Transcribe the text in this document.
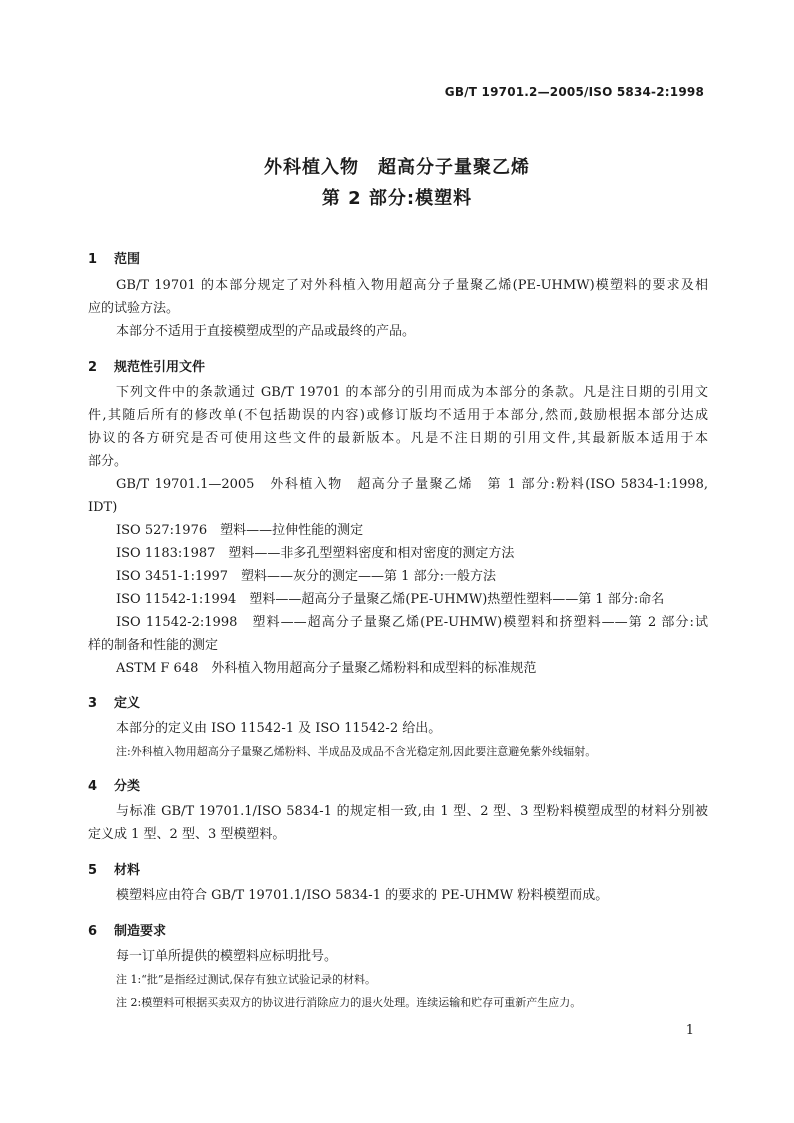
GB/T 19701.2—2005/ISO 5834-2:1998
外科植入物　超高分子量聚乙烯
第 2 部分:模塑料
1 范围
GB/T 19701 的本部分规定了对外科植入物用超高分子量聚乙烯(PE-UHMW)模塑料的要求及相
应的试验方法。
本部分不适用于直接模塑成型的产品或最终的产品。
2 规范性引用文件
下列文件中的条款通过 GB/T 19701 的本部分的引用而成为本部分的条款。凡是注日期的引用文
件,其随后所有的修改单(不包括勘误的内容)或修订版均不适用于本部分,然而,鼓励根据本部分达成
协议的各方研究是否可使用这些文件的最新版本。凡是不注日期的引用文件,其最新版本适用于本
部分。
GB/T 19701.1—2005　外科植入物　超高分子量聚乙烯　第 1 部分:粉料(ISO 5834-1:1998,
IDT)
ISO 527:1976　塑料——拉伸性能的测定
ISO 1183:1987　塑料——非多孔型塑料密度和相对密度的测定方法
ISO 3451-1:1997　塑料——灰分的测定——第 1 部分:一般方法
ISO 11542-1:1994　塑料——超高分子量聚乙烯(PE-UHMW)热塑性塑料——第 1 部分:命名
ISO 11542-2:1998　塑料——超高分子量聚乙烯(PE-UHMW)模塑料和挤塑料——第 2 部分:试
样的制备和性能的测定
ASTM F 648　外科植入物用超高分子量聚乙烯粉料和成型料的标准规范
3 定义
本部分的定义由 ISO 11542-1 及 ISO 11542-2 给出。
注:外科植入物用超高分子量聚乙烯粉料、半成品及成品不含光稳定剂,因此要注意避免紫外线辐射。
4 分类
与标准 GB/T 19701.1/ISO 5834-1 的规定相一致,由 1 型、2 型、3 型粉料模塑成型的材料分别被
定义成 1 型、2 型、3 型模塑料。
5 材料
模塑料应由符合 GB/T 19701.1/ISO 5834-1 的要求的 PE-UHMW 粉料模塑而成。
6 制造要求
每一订单所提供的模塑料应标明批号。
注 1:“批”是指经过测试,保存有独立试验记录的材料。
注 2:模塑料可根据买卖双方的协议进行消除应力的退火处理。连续运输和贮存可重新产生应力。
1
